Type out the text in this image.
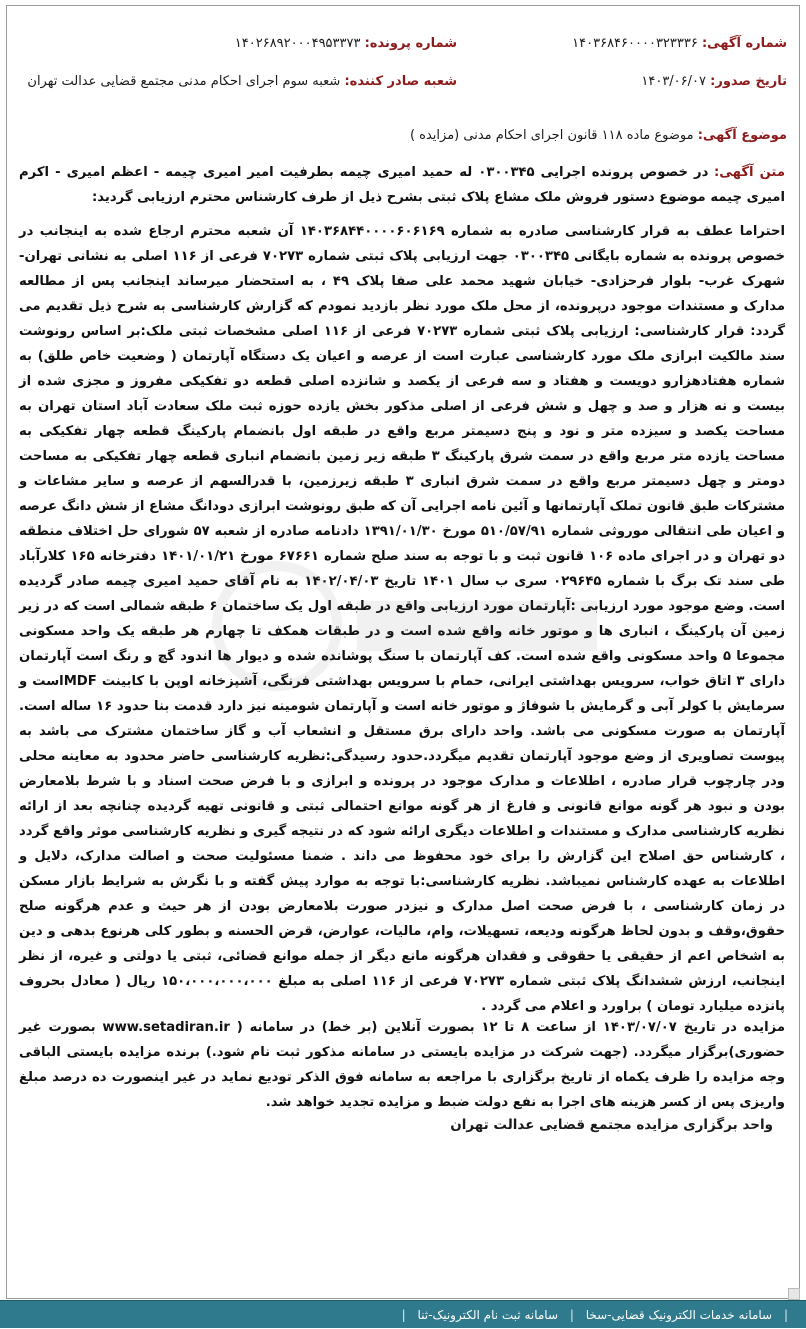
شماره آگهی: ۱۴۰۳۶۸۴۶۰۰۰۰۳۲۳۳۳۶
شماره پرونده: ۱۴۰۲۶۸۹۲۰۰۰۴۹۵۳۳۷۳
تاریخ صدور: ۱۴۰۳/۰۶/۰۷
شعبه صادر کننده: شعبه سوم اجرای احکام مدنی مجتمع قضایی عدالت تهران
موضوع آگهی: موضوع ماده ۱۱۸ قانون اجرای احکام مدنی (مزایده )
متن آگهی: در خصوص پرونده اجرایی ۰۳۰۰۳۴۵ له حمید امیری چیمه بطرفیت امیر امیری چیمه - اعظم امیری - اکرم امیری چیمه موضوع دستور فروش ملک مشاع پلاک ثبتی بشرح ذیل از طرف کارشناس محترم ارزیابی گردید:
احتراما عطف به قرار کارشناسی صادره به شماره ۱۴۰۳۶۸۴۴۰۰۰۰۶۰۶۱۶۹ آن شعبه محترم ارجاع شده به اینجانب در خصوص پرونده به شماره بایگانی ۰۳۰۰۳۴۵ جهت ارزیابی پلاک ثبتی شماره ۷۰۲۷۳ فرعی از ۱۱۶ اصلی به نشانی تهران- شهرک غرب- بلوار فرحزادی- خیابان شهید محمد علی صفا پلاک ۴۹ ، به استحضار میرساند اینجانب پس از مطالعه مدارک و مستندات موجود درپرونده، از محل ملک مورد نظر بازدید نمودم که گزارش کارشناسی به شرح ذیل تقدیم می گردد: قرار کارشناسی: ارزیابی پلاک ثبتی شماره ۷۰۲۷۳ فرعی از ۱۱۶ اصلی مشخصات ثبتی ملک:بر اساس رونوشت سند مالکیت ابرازی ملک مورد کارشناسی عبارت است از عرصه و اعیان یک دستگاه آپارتمان ( وضعیت خاص طلق) به شماره هفتادهزارو دویست و هفتاد و سه فرعی از یکصد و شانزده اصلی قطعه دو تفکیکی مفروز و مجزی شده از بیست و نه هزار و صد و چهل و شش فرعی از اصلی مذکور بخش یازده حوزه ثبت ملک سعادت آباد استان تهران به مساحت یکصد و سیزده متر و نود و پنج دسیمتر مربع واقع در طبقه اول بانضمام پارکینگ قطعه چهار تفکیکی به مساحت یازده متر مربع واقع در سمت شرق پارکینگ ۳ طبقه زیر زمین بانضمام انباری قطعه چهار تفکیکی به مساحت دومتر و چهل دسیمتر مربع واقع در سمت شرق انباری ۳ طبقه زیرزمین، با قدرالسهم از عرصه و سایر مشاعات و مشترکات طبق قانون تملک آپارتمانها و آئین نامه اجرایی آن که طبق رونوشت ابرازی دودانگ مشاع از شش دانگ عرصه و اعیان طی انتقالی موروثی شماره ۵۱۰/۵۷/۹۱ مورخ ۱۳۹۱/۰۱/۳۰ دادنامه صادره از شعبه ۵۷ شورای حل اختلاف منطقه دو تهران و در اجرای ماده ۱۰۶ قانون ثبت و با توجه به سند صلح شماره ۶۷۶۶۱ مورخ ۱۴۰۱/۰۱/۲۱ دفترخانه ۱۶۵ کلارآباد طی سند تک برگ با شماره ۰۲۹۶۴۵ سری ب سال ۱۴۰۱ تاریخ ۱۴۰۲/۰۴/۰۳ به نام آقای حمید امیری چیمه صادر گردیده است. وضع موجود مورد ارزیابی :آپارتمان مورد ارزیابی واقع در طبقه اول یک ساختمان ۶ طبقه شمالی است که در زیر زمین آن پارکینگ ، انباری ها و موتور خانه واقع شده است و در طبقات همکف تا چهارم هر طبقه یک واحد مسکونی مجموعا ۵ واحد مسکونی واقع شده است. کف آپارتمان با سنگ پوشانده شده و دیوار ها اندود گچ و رنگ است آپارتمان دارای ۳ اتاق خواب، سرویس بهداشتی ایرانی، حمام با سرویس بهداشتی فرنگی، آشپزخانه اوپن با کابینت MDFاست و سرمایش با کولر آبی و گرمایش با شوفاژ و موتور خانه است و آپارتمان شومینه نیز دارد قدمت بنا حدود ۱۶ ساله است. آپارتمان به صورت مسکونی می باشد. واحد دارای برق مستقل و انشعاب آب و گاز ساختمان مشترک می باشد به پیوست تصاویری از وضع موجود آپارتمان تقدیم میگردد.حدود رسیدگی:نظریه کارشناسی حاضر محدود به معاینه محلی ودر چارچوب قرار صادره ، اطلاعات و مدارک موجود در پرونده و ابرازی و با فرض صحت اسناد و با شرط بلامعارض بودن و نبود هر گونه موانع قانونی و فارغ از هر گونه موانع احتمالی ثبتی و قانونی تهیه گردیده چنانچه بعد از ارائه نظریه کارشناسی مدارک و مستندات و اطلاعات دیگری ارائه شود که در نتیجه گیری و نظریه کارشناسی موثر واقع گردد ، کارشناس حق اصلاح این گزارش را برای خود محفوظ می داند . ضمنا مسئولیت صحت و اصالت مدارک، دلایل و اطلاعات به عهده کارشناس نمیباشد. نظریه کارشناسی:با توجه به موارد پیش گفته و با نگرش به شرایط بازار مسکن در زمان کارشناسی ، با فرض صحت اصل مدارک و نیزدر صورت بلامعارض بودن از هر حیث و عدم هرگونه صلح حقوق،وقف و بدون لحاظ هرگونه ودیعه، تسهیلات، وام، مالیات، عوارض، قرض الحسنه و بطور کلی هرنوع بدهی و دین به اشخاص اعم از حقیقی یا حقوقی و فقدان هرگونه مانع دیگر از جمله موانع قضائی، ثبتی یا دولتی و غیره، از نظر اینجانب، ارزش ششدانگ پلاک ثبتی شماره ۷۰۲۷۳ فرعی از ۱۱۶ اصلی به مبلغ ۱۵۰،۰۰۰،۰۰۰،۰۰۰ ریال ( معادل بحروف پانزده میلیارد تومان ) براورد و اعلام می گردد .
مزایده در تاریخ ۱۴۰۳/۰۷/۰۷ از ساعت ۸ تا ۱۲ بصورت آنلاین (بر خط) در سامانه ( www.setadiran.ir بصورت غیر حضوری)برگزار میگردد. (جهت شرکت در مزایده بایستی در سامانه مذکور ثبت نام شود.) برنده مزایده بایستی الباقی وجه مزایده را ظرف یکماه از تاریخ برگزاری با مراجعه به سامانه فوق الذکر توديع نماید در غیر اینصورت ده درصد مبلغ واریزی پس از کسر هزینه های اجرا به نفع دولت ضبط و مزایده تجدید خواهد شد.
واحد برگزاری مزایده مجتمع قضایی عدالت تهران
| سامانه خدمات الکترونیک قضایی-سخا | سامانه ثبت نام الکترونیک-ثنا |
